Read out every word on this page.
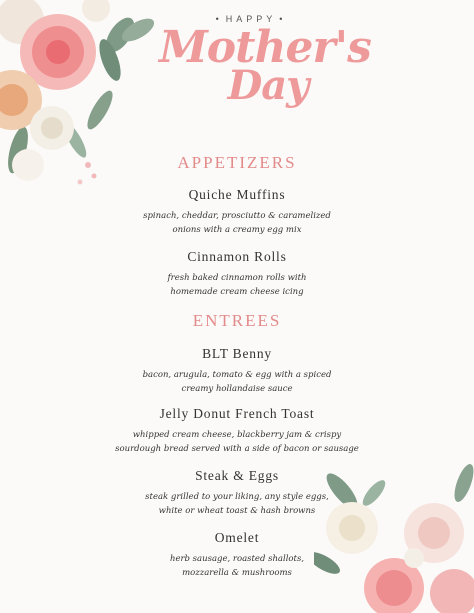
• HAPPY •
Mother's
Day
APPETIZERS
Quiche Muffins
spinach, cheddar, prosciutto & caramelized
onions with a creamy egg mix
Cinnamon Rolls
fresh baked cinnamon rolls with
homemade cream cheese icing
ENTREES
BLT Benny
bacon, arugula, tomato & egg with a spiced
creamy hollandaise sauce
Jelly Donut French Toast
whipped cream cheese, blackberry jam & crispy
sourdough bread served with a side of bacon or sausage
Steak & Eggs
steak grilled to your liking, any style eggs,
white or wheat toast & hash browns
Omelet
herb sausage, roasted shallots,
mozzarella & mushrooms
